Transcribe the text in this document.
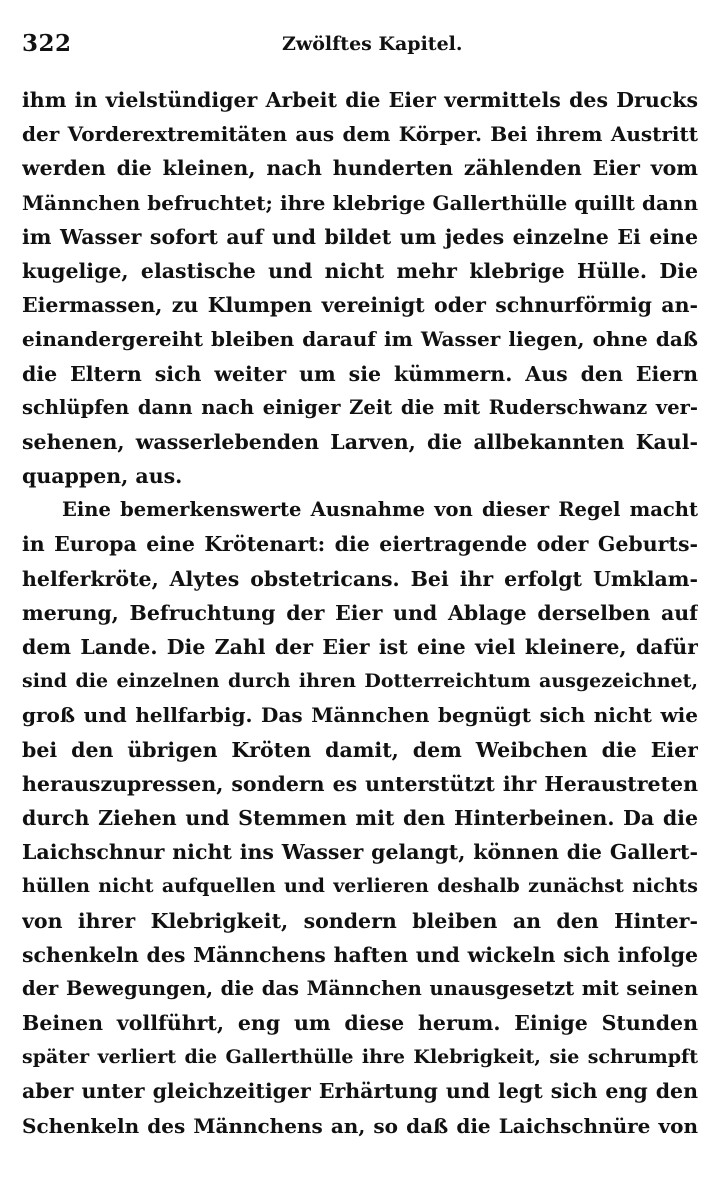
322	Zwölftes Kapitel.
ihm in vielstündiger Arbeit die Eier vermittels des Drucks
der Vorderextremitäten aus dem Körper. Bei ihrem Austritt
werden die kleinen, nach hunderten zählenden Eier vom
Männchen befruchtet; ihre klebrige Gallerthülle quillt dann
im Wasser sofort auf und bildet um jedes einzelne Ei eine
kugelige, elastische und nicht mehr klebrige Hülle. Die
Eiermassen, zu Klumpen vereinigt oder schnurförmig an-
einandergereiht bleiben darauf im Wasser liegen, ohne daß
die Eltern sich weiter um sie kümmern. Aus den Eiern
schlüpfen dann nach einiger Zeit die mit Ruderschwanz ver-
sehenen, wasserlebenden Larven, die allbekannten Kaul-
quappen, aus.
Eine bemerkenswerte Ausnahme von dieser Regel macht
in Europa eine Krötenart: die eiertragende oder Geburts-
helferkröte, Alytes obstetricans. Bei ihr erfolgt Umklam-
merung, Befruchtung der Eier und Ablage derselben auf
dem Lande. Die Zahl der Eier ist eine viel kleinere, dafür
sind die einzelnen durch ihren Dotterreichtum ausgezeichnet,
groß und hellfarbig. Das Männchen begnügt sich nicht wie
bei den übrigen Kröten damit, dem Weibchen die Eier
herauszupressen, sondern es unterstützt ihr Heraustreten
durch Ziehen und Stemmen mit den Hinterbeinen. Da die
Laichschnur nicht ins Wasser gelangt, können die Gallert-
hüllen nicht aufquellen und verlieren deshalb zunächst nichts
von ihrer Klebrigkeit, sondern bleiben an den Hinter-
schenkeln des Männchens haften und wickeln sich infolge
der Bewegungen, die das Männchen unausgesetzt mit seinen
Beinen vollführt, eng um diese herum. Einige Stunden
später verliert die Gallerthülle ihre Klebrigkeit, sie schrumpft
aber unter gleichzeitiger Erhärtung und legt sich eng den
Schenkeln des Männchens an, so daß die Laichschnüre von
